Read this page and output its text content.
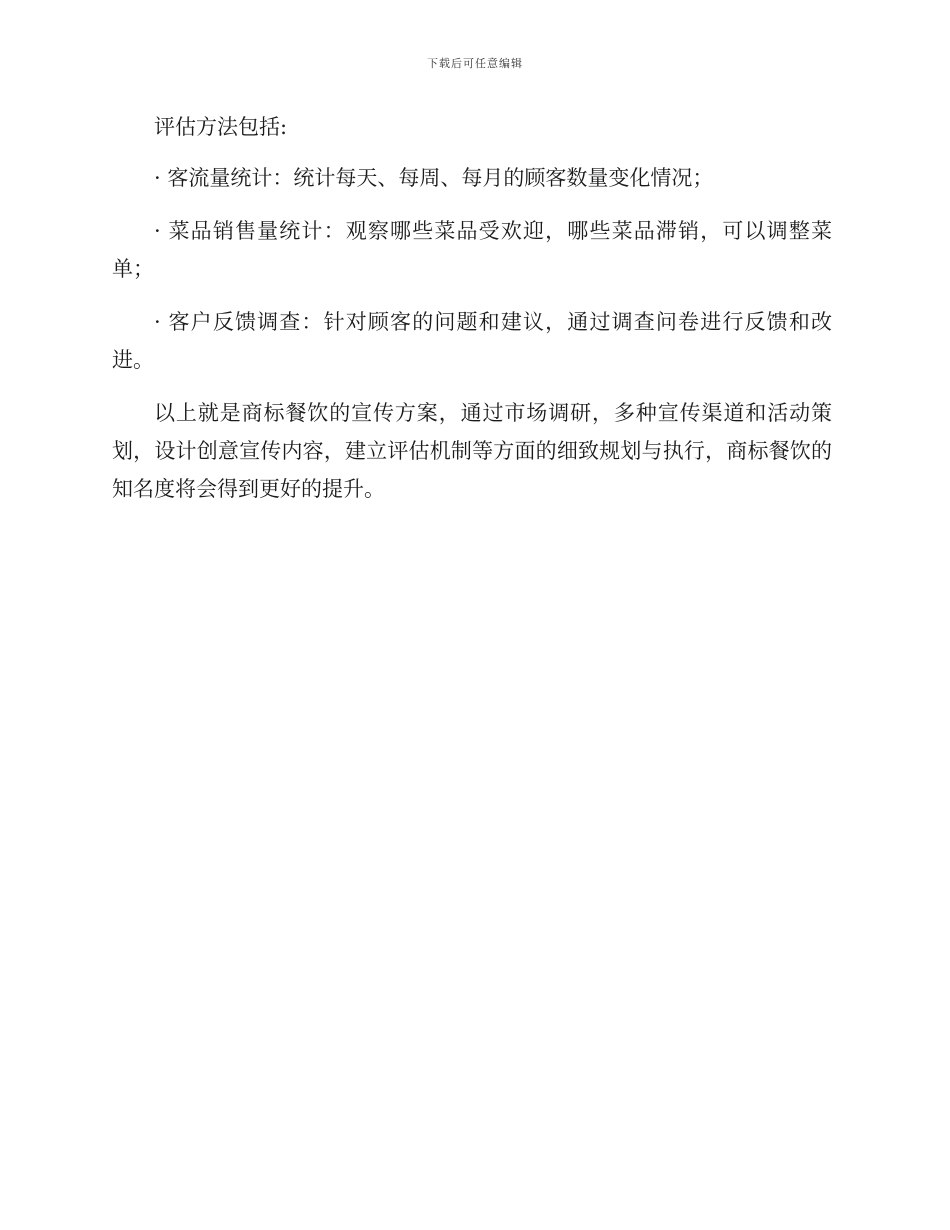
下载后可任意编辑

评估方法包括:

· 客流量统计：统计每天、每周、每月的顾客数量变化情况；

· 菜品销售量统计：观察哪些菜品受欢迎，哪些菜品滞销，可以调整菜单；

· 客户反馈调查：针对顾客的问题和建议，通过调查问卷进行反馈和改进。

以上就是商标餐饮的宣传方案，通过市场调研，多种宣传渠道和活动策划，设计创意宣传内容，建立评估机制等方面的细致规划与执行，商标餐饮的知名度将会得到更好的提升。
